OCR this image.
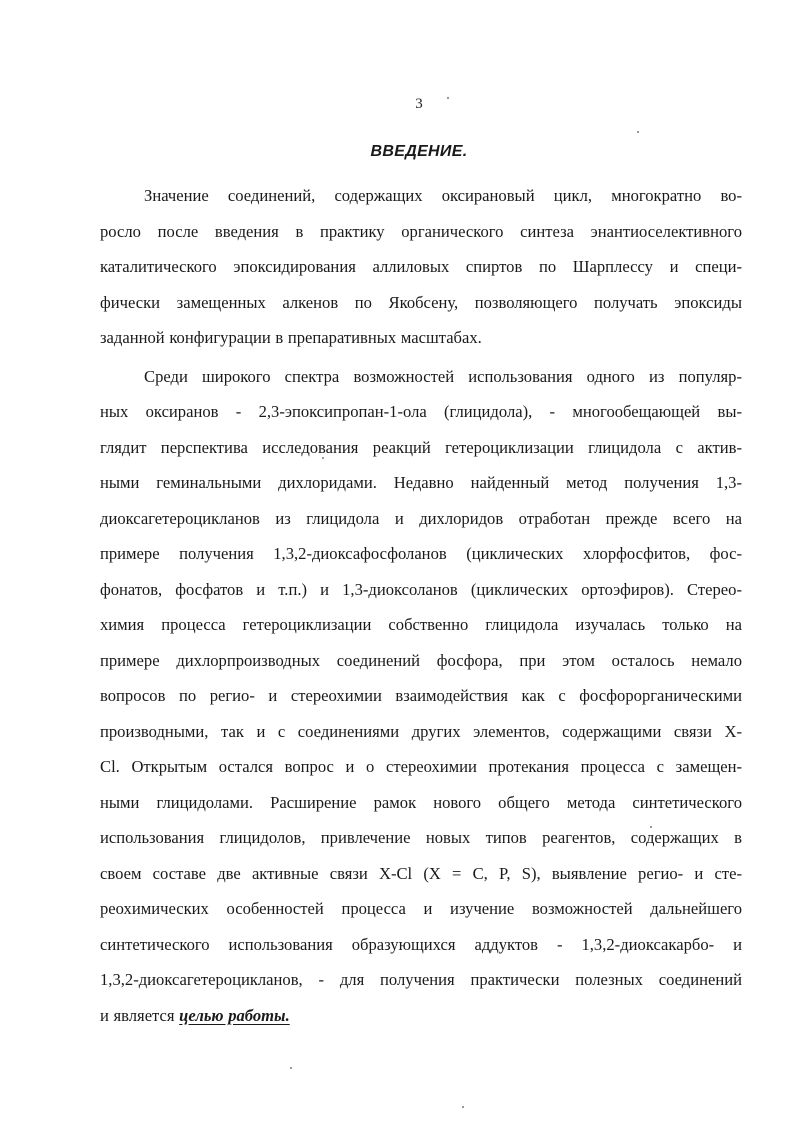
3
ВВЕДЕНИЕ.

Значение соединений, содержащих оксирановый цикл, многократно во-
росло после введения в практику органического синтеза энантиоселективного
каталитического эпоксидирования аллиловых спиртов по Шарплессу и специ-
фически замещенных алкенов по Якобсену, позволяющего получать эпоксиды
заданной конфигурации в препаративных масштабах.

Среди широкого спектра возможностей использования одного из популяр-
ных оксиранов - 2,3-эпоксипропан-1-ола (глицидола), - многообещающей вы-
глядит перспектива исследования реакций гетероциклизации глицидола с актив-
ными геминальными дихлоридами. Недавно найденный метод получения 1,3-
диоксагетероцикланов из глицидола и дихлоридов отработан прежде всего на
примере получения 1,3,2-диоксафосфоланов (циклических хлорфосфитов, фос-
фонатов, фосфатов и т.п.) и 1,3-диоксоланов (циклических ортоэфиров). Стерео-
химия процесса гетероциклизации собственно глицидола изучалась только на
примере дихлорпроизводных соединений фосфора, при этом осталось немало
вопросов по регио- и стереохимии взаимодействия как с фосфорорганическими
производными, так и с соединениями других элементов, содержащими связи X-
Cl. Открытым остался вопрос и о стереохимии протекания процесса с замещен-
ными глицидолами. Расширение рамок нового общего метода синтетического
использования глицидолов, привлечение новых типов реагентов, содержащих в
своем составе две активные связи X-Cl (X = C, P, S), выявление регио- и сте-
реохимических особенностей процесса и изучение возможностей дальнейшего
синтетического использования образующихся аддуктов - 1,3,2-диоксакарбо- и
1,3,2-диоксагетероцикланов, - для получения практически полезных соединений
и является целью работы.
